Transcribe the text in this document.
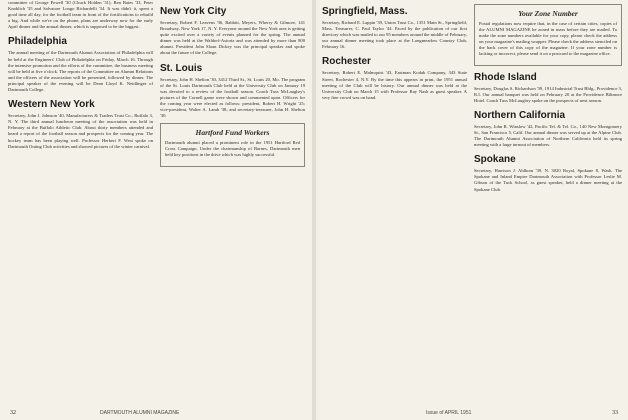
committee of George Powell '30 (Chuck Holden '31), Ben Bates '33, Peter Knoblich '35 and Salvatore Longo Richardelli '34. It was didn't it, spent a good time all day, for the football team in front of the fortifications to rebuild a big. And while we're on the phone, plans are underway now for the early April dinner and the annual dinner, which is supposed to be the biggest.

Philadelphia

The annual meeting of the Dartmouth Alumni Association of Philadelphia will be held at the Engineers' Club of Philadelphia on Friday, March 16. Through the intensive promotion and the efforts of the committee, the business meeting will be held at five o'clock. The reports of the Committee on Alumni Relations and the officers of the association will be presented, followed by dinner. The principal speaker of the evening will be Dean Lloyd K. Neidlinger of Dartmouth College.

Western New York

Secretary, John J. Johnson '40, Manufacturers & Traders Trust Co., Buffalo 3, N. Y. The third annual luncheon meeting of the association was held in February at the Buffalo Athletic Club. About thirty members attended and heard a report of the football season and prospects for the coming year. The hockey team has been playing well. Professor Herbert F. West spoke on Dartmouth Outing Club activities and showed pictures of the winter carnival.

New York City

Secretary, Robert F. Leavens '36, Babbitt, Meyers, Wherry & Gilmore, 141 Broadway, New York 17, N. Y. Everyone around the New York area is getting quite excited over a variety of events planned for the spring. The annual dinner was held at the Waldorf-Astoria and was attended by more than 800 alumni. President John Sloan Dickey was the principal speaker and spoke about the future of the College.

St. Louis

Secretary, John H. Shelton '30, 3412 Third St., St. Louis 20, Mo. The program of the St. Louis Dartmouth Club held at the University Club on January 19 was devoted to a review of the football season. Coach Tuss McLaughry's pictures of the Cornell game were shown and commented upon. Officers for the coming year were elected as follows: president, Robert H. Wright '25; vice-president, Walter A. Lamb '38; and secretary-treasurer, John H. Shelton '30.

Hartford Fund Workers

Dartmouth alumni placed a prominent role in the 1951 Hartford Red Cross Campaign. Under the chairmanship of Barnes, Dartmouth men held key positions in the drive which was highly successful.

32	DARTMOUTH ALUMNI MAGAZINE
Springfield, Mass.

Secretary, Richard E. Lappin '39, Union Trust Co., 1351 Main St., Springfield, Mass. Treasurer, C. Paul Taylor '44. Faced by the publication of our first directory which was mailed to our 95 members around the middle of February, our annual dinner meeting took place at the Longmeadow Country Club, February 16.

Rochester

Secretary, Robert E. Malmquist '43, Eastman Kodak Company, 343 State Street, Rochester 4, N.Y. By the time this appears in print, the 1951 annual meeting of the Club will be history. Our annual dinner was held at the University Club on March 15 with Professor Ray Nash as guest speaker. A very fine crowd was on hand.

Your Zone Number

Postal regulations now require that, in the case of certain cities, copies of the ALUMNI MAGAZINE be zoned in mass before they are mailed. To make the zone numbers available for your copy, please check the address on your magazine's mailing wrapper. Please check the address stenciled on the back cover of this copy of the magazine. If your zone number is lacking or incorrect, please send it on a postcard to the magazine office.

Rhode Island

Secretary, Douglas S. Richardson '39, 1914 Industrial Trust Bldg., Providence 3, R.I. Our annual banquet was held on February 20 at the Providence Biltmore Hotel. Coach Tuss McLaughry spoke on the prospects of next season.

Northern California

Secretary, John R. Winslow '42, Pacific Tel. & Tel. Co., 140 New Montgomery St., San Francisco 5, Calif. Our annual dinner was served up at the Alpine Club. The Dartmouth Alumni Association of Northern California held its spring meeting with a large turnout of members.

Spokane

Secretary, Harrison J. Ahlborn '39, N. 3020 Royal, Spokane 8, Wash. The Spokane and Inland Empire Dartmouth Association with Professor Leslie M. Gibson of the Tuck School, as guest speaker, held a dinner meeting at the Spokane Club.

Issue of APRIL 1951	33
